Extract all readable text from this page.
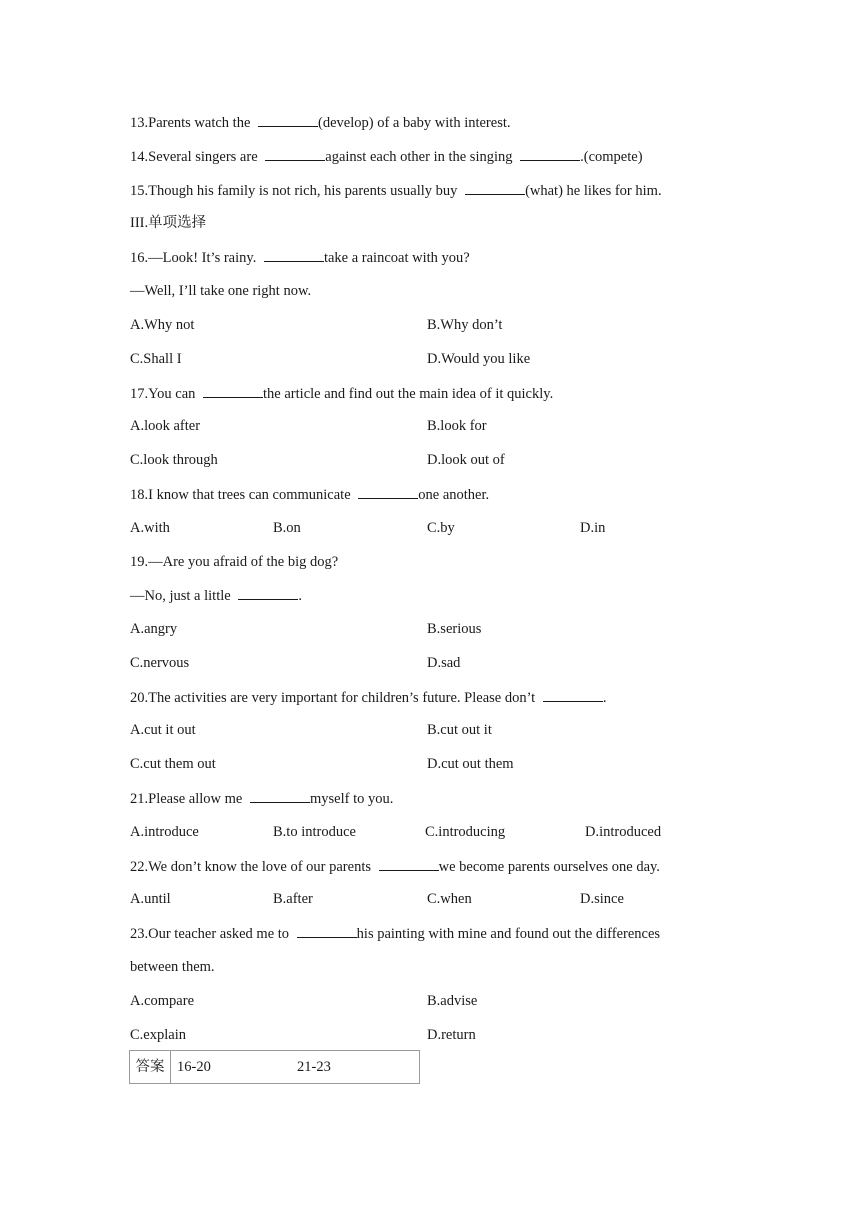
13.Parents watch the	(develop) of a baby with interest.
14.Several singers are	against each other in the singing	.(compete)
15.Though his family is not rich, his parents usually buy	(what) he likes for him.
III.单项选择
16.—Look! It’s rainy.	take a raincoat with you?
—Well, I’ll take one right now.
A.Why not	B.Why don’t
C.Shall I	D.Would you like
17.You can	the article and find out the main idea of it quickly.
A.look after	B.look for
C.look through	D.look out of
18.I know that trees can communicate	one another.
A.with	B.on	C.by	D.in
19.—Are you afraid of the big dog?
—No, just a little	.
A.angry	B.serious
C.nervous	D.sad
20.The activities are very important for children’s future. Please don’t	.
A.cut it out	B.cut out it
C.cut them out	D.cut out them
21.Please allow me	myself to you.
A.introduce	B.to introduce	C.introducing	D.introduced
22.We don’t know the love of our parents	we become parents ourselves one day.
A.until	B.after	C.when	D.since
23.Our teacher asked me to	his painting with mine and found out the differences
between them.
A.compare	B.advise
C.explain	D.return
答案 16-20	21-23
